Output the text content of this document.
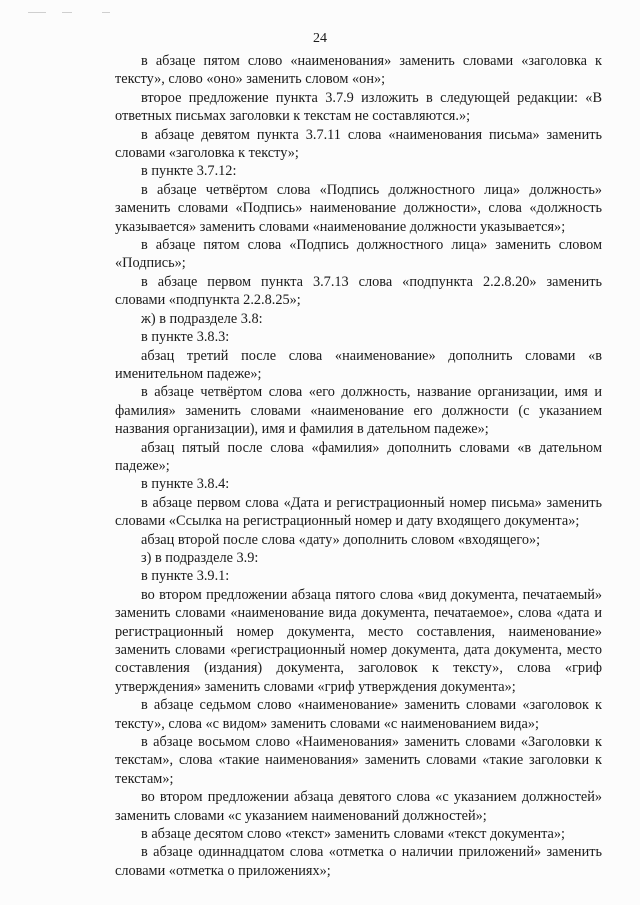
24

в абзаце пятом слово «наименования» заменить словами «заголовка к тексту», слово «оно» заменить словом «он»;

второе предложение пункта 3.7.9 изложить в следующей редакции: «В ответных письмах заголовки к текстам не составляются.»;

в абзаце девятом пункта 3.7.11 слова «наименования письма» заменить словами «заголовка к тексту»;

в пункте 3.7.12:

в абзаце четвёртом слова «Подпись должностного лица» должность» заменить словами «Подпись» наименование должности», слова «должность указывается» заменить словами «наименование должности указывается»;

в абзаце пятом слова «Подпись должностного лица» заменить словом «Подпись»;

в абзаце первом пункта 3.7.13 слова «подпункта 2.2.8.20» заменить словами «подпункта 2.2.8.25»;

ж) в подразделе 3.8:

в пункте 3.8.3:

абзац третий после слова «наименование» дополнить словами «в именительном падеже»;

в абзаце четвёртом слова «его должность, название организации, имя и фамилия» заменить словами «наименование его должности (с указанием названия организации), имя и фамилия в дательном падеже»;

абзац пятый после слова «фамилия» дополнить словами «в дательном падеже»;

в пункте 3.8.4:

в абзаце первом слова «Дата и регистрационный номер письма» заменить словами «Ссылка на регистрационный номер и дату входящего документа»;

абзац второй после слова «дату» дополнить словом «входящего»;

з) в подразделе 3.9:

в пункте 3.9.1:

во втором предложении абзаца пятого слова «вид документа, печатаемый» заменить словами «наименование вида документа, печатаемое», слова «дата и регистрационный номер документа, место составления, наименование» заменить словами «регистрационный номер документа, дата документа, место составления (издания) документа, заголовок к тексту», слова «гриф утверждения» заменить словами «гриф утверждения документа»;

в абзаце седьмом слово «наименование» заменить словами «заголовок к тексту», слова «с видом» заменить словами «с наименованием вида»;

в абзаце восьмом слово «Наименования» заменить словами «Заголовки к текстам», слова «такие наименования» заменить словами «такие заголовки к текстам»;

во втором предложении абзаца девятого слова «с указанием должностей» заменить словами «с указанием наименований должностей»;

в абзаце десятом слово «текст» заменить словами «текст документа»;

в абзаце одиннадцатом слова «отметка о наличии приложений» заменить словами «отметка о приложениях»;
